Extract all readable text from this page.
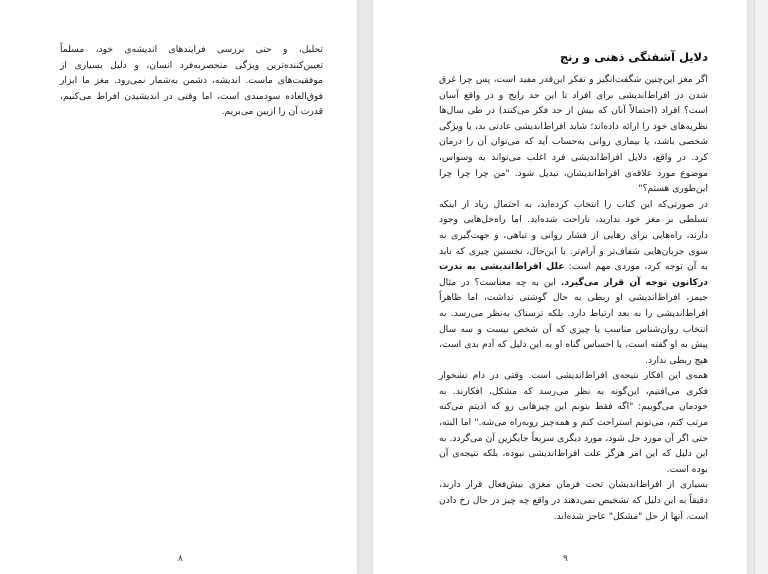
تحلیل، و حتی بررسی فرایندهای اندیشه‌ی خود، مسلماً تعیین‌کننده‌ترین ویژگی منحصربه‌فرد انسان، و دلیل بسیاری از موفقیت‌های ماست. اندیشه، دشمن به‌شمار نمی‌رود. مغز ما ابزار فوق‌العاده سودمندی است، اما وقتی در اندیشیدن افراط می‌کنیم، قدرت آن را ازبین می‌بریم.

۸
دلایل آشفتگی ذهنی و رنج

اگر مغز این‌چنین شگفت‌انگیز و تفکر این‌قدر مفید است، پس چرا غرق شدن در افراط‌اندیشی برای افراد تا این حد رایج و در واقع آسان است؟ افراد (احتمالاً آنان که بیش از حد فکر می‌کنند) در طی سال‌ها نظریه‌های خود را ارائه داده‌اند؛ شاید افراط‌اندیشی عادتی بد، یا ویژگی شخصی باشد، یا بیماری روانی به‌حساب آید که می‌توان آن را درمان کرد. در واقع، دلایل افراط‌اندیشی فرد اغلب می‌تواند به وسواس، موضوع مورد علاقه‌ی افراط‌اندیشان، تبدیل شود. "من چرا چرا چرا این‌طوری هستم؟"

در صورتی‌که این کتاب را انتخاب کرده‌اید، به احتمال زیاد از اینکه تسلطی بر مغز خود ندارید، ناراحت شده‌اید. اما راه‌حل‌هایی وجود دارند، راه‌هایی برای رهایی از فشار روانی و تباهی، و جهت‌گیری به سوی جریان‌هایی شفاف‌تر و آرام‌تر. با این‌حال، نخستین چیزی که باید به آن توجه کرد، موردی مهم است: علل افراط‌اندیشی به ندرت درکانون توجه آن قرار می‌گیرد. این به چه معناست؟ در مثال جیمز، افراط‌اندیشی او ربطی به حال گوشتی نداشت، اما ظاهراً افراط‌اندیشی را به بعد ارتباط دارد. بلکه ترسناک به‌نظر می‌رسد. به انتخاب روان‌شناس مناسب یا چیزی که آن شخص بیست و سه سال پیش به او گفته است، یا احساس گناه او به این دلیل که آدم بدی است، هیچ ربطی ندارد.

همه‌ی این افکار نتیجه‌ی افراط‌اندیشی است. وقتی در دام نشخوار فکری می‌افتیم، این‌گونه به نظر می‌رسد که مشکل، افکارند. به خودمان می‌گوییم: "اگه فقط بتونم این چیزهایی رو که اذیتم می‌کنه مرتب کنم، می‌تونم استراحت کنم و همه‌چیز روبه‌راه می‌شه." اما البته، حتی اگر آن مورد حل شود، مورد دیگری سریعاً جایگزین آن می‌گردد. به این دلیل که این امر هرگز علت افراط‌اندیشی نبوده، بلکه نتیجه‌ی آن بوده است.

بسیاری از افراط‌اندیشان تحت فرمان مغزی بیش‌فعال قرار دارند، دقیقاً به این دلیل که تشخیص نمی‌دهند در واقع چه چیز در حال رخ دادن است. آنها از حل "مشکل" عاجز شده‌اند.

۹
